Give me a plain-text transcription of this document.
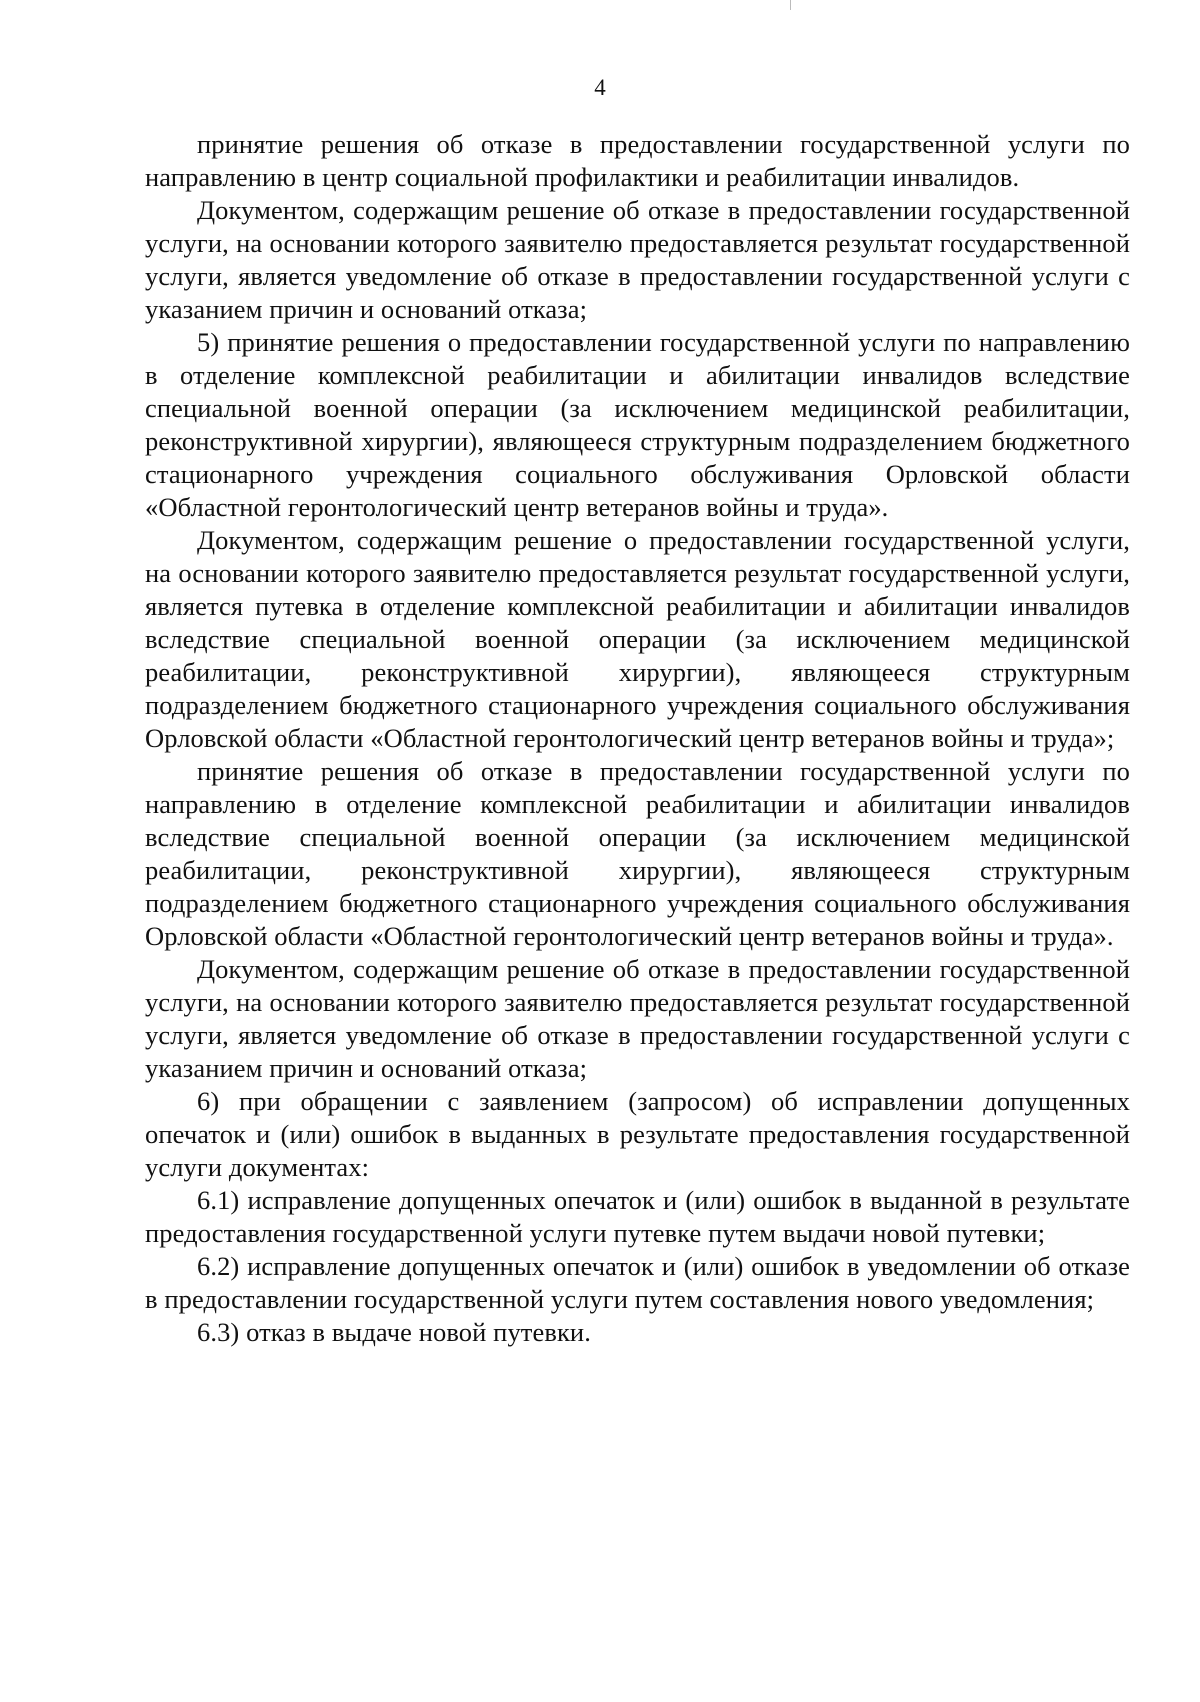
4

принятие решения об отказе в предоставлении государственной услуги по направлению в центр социальной профилактики и реабилитации инвалидов.

Документом, содержащим решение об отказе в предоставлении государственной услуги, на основании которого заявителю предоставляется результат государственной услуги, является уведомление об отказе в предоставлении государственной услуги с указанием причин и оснований отказа;

5) принятие решения о предоставлении государственной услуги по направлению в отделение комплексной реабилитации и абилитации инвалидов вследствие специальной военной операции (за исключением медицинской реабилитации, реконструктивной хирургии), являющееся структурным подразделением бюджетного стационарного учреждения социального обслуживания Орловской области «Областной геронтологический центр ветеранов войны и труда».

Документом, содержащим решение о предоставлении государственной услуги, на основании которого заявителю предоставляется результат государственной услуги, является путевка в отделение комплексной реабилитации и абилитации инвалидов вследствие специальной военной операции (за исключением медицинской реабилитации, реконструктивной хирургии), являющееся структурным подразделением бюджетного стационарного учреждения социального обслуживания Орловской области «Областной геронтологический центр ветеранов войны и труда»;

принятие решения об отказе в предоставлении государственной услуги по направлению в отделение комплексной реабилитации и абилитации инвалидов вследствие специальной военной операции (за исключением медицинской реабилитации, реконструктивной хирургии), являющееся структурным подразделением бюджетного стационарного учреждения социального обслуживания Орловской области «Областной геронтологический центр ветеранов войны и труда».

Документом, содержащим решение об отказе в предоставлении государственной услуги, на основании которого заявителю предоставляется результат государственной услуги, является уведомление об отказе в предоставлении государственной услуги с указанием причин и оснований отказа;

6) при обращении с заявлением (запросом) об исправлении допущенных опечаток и (или) ошибок в выданных в результате предоставления государственной услуги документах:

6.1) исправление допущенных опечаток и (или) ошибок в выданной в результате предоставления государственной услуги путевке путем выдачи новой путевки;

6.2) исправление допущенных опечаток и (или) ошибок в уведомлении об отказе в предоставлении государственной услуги путем составления нового уведомления;

6.3) отказ в выдаче новой путевки.
